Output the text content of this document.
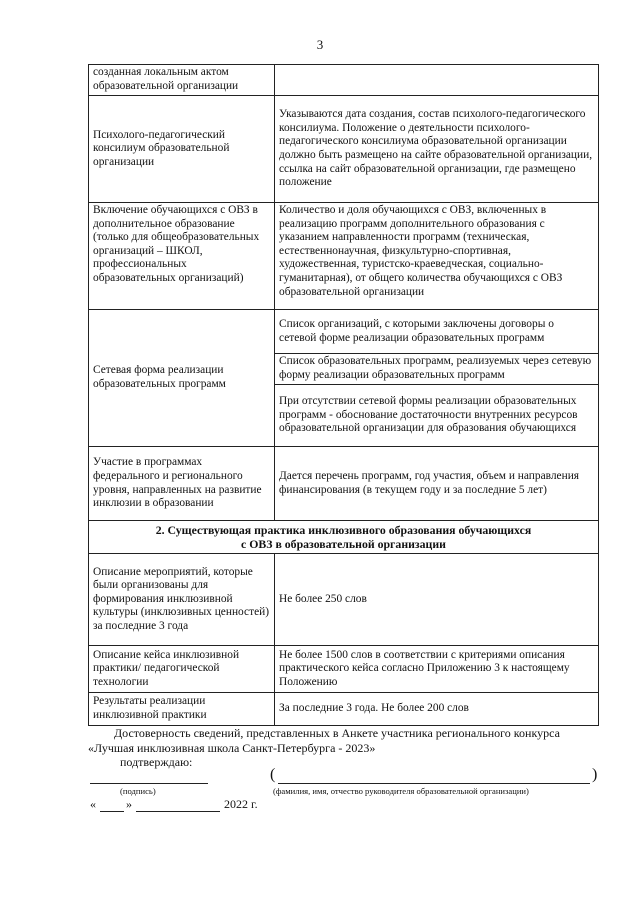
3
созданная локальным актом образовательной организации	
Психолого-педагогический консилиум образовательной организации	Указываются дата создания, состав психолого-педагогического консилиума. Положение о деятельности психолого-педагогического консилиума образовательной организации должно быть размещено на сайте образовательной организации, ссылка на сайт образовательной организации, где размещено положение
Включение обучающихся с ОВЗ в дополнительное образование (только для общеобразовательных организаций – ШКОЛ, профессиональных образовательных организаций)	Количество и доля обучающихся с ОВЗ, включенных в реализацию программ дополнительного образования с указанием направленности программ (техническая, естественнонаучная, физкультурно-спортивная, художественная, туристско-краеведческая, социально-гуманитарная), от общего количества обучающихся с ОВЗ образовательной организации
Сетевая форма реализации образовательных программ	Список организаций, с которыми заключены договоры о сетевой форме реализации образовательных программ
	Список образовательных программ, реализуемых через сетевую форму реализации образовательных программ
	При отсутствии сетевой формы реализации образовательных программ - обоснование достаточности внутренних ресурсов образовательной организации для образования обучающихся
Участие в программах федерального и регионального уровня, направленных на развитие инклюзии в образовании	Дается перечень программ, год участия, объем и направления финансирования (в текущем году и за последние 5 лет)

2. Существующая практика инклюзивного образования обучающихся
с ОВЗ в образовательной организации	

Описание мероприятий, которые были организованы для формирования инклюзивной культуры (инклюзивных ценностей) за последние 3 года	Не более 250 слов
Описание кейса инклюзивной практики/ педагогической технологии	Не более 1500 слов в соответствии с критериями описания практического кейса согласно Приложению 3 к настоящему Положению
Результаты реализации инклюзивной практики	За последние 3 года. Не более 200 слов

Достоверность сведений, представленных в Анкете участника регионального конкурса «Лучшая инклюзивная школа Санкт-Петербурга - 2023»

подтверждаю:

(подпись)
(	)
(фамилия, имя, отчество руководителя образовательной организации)
«	»	2022 г.
